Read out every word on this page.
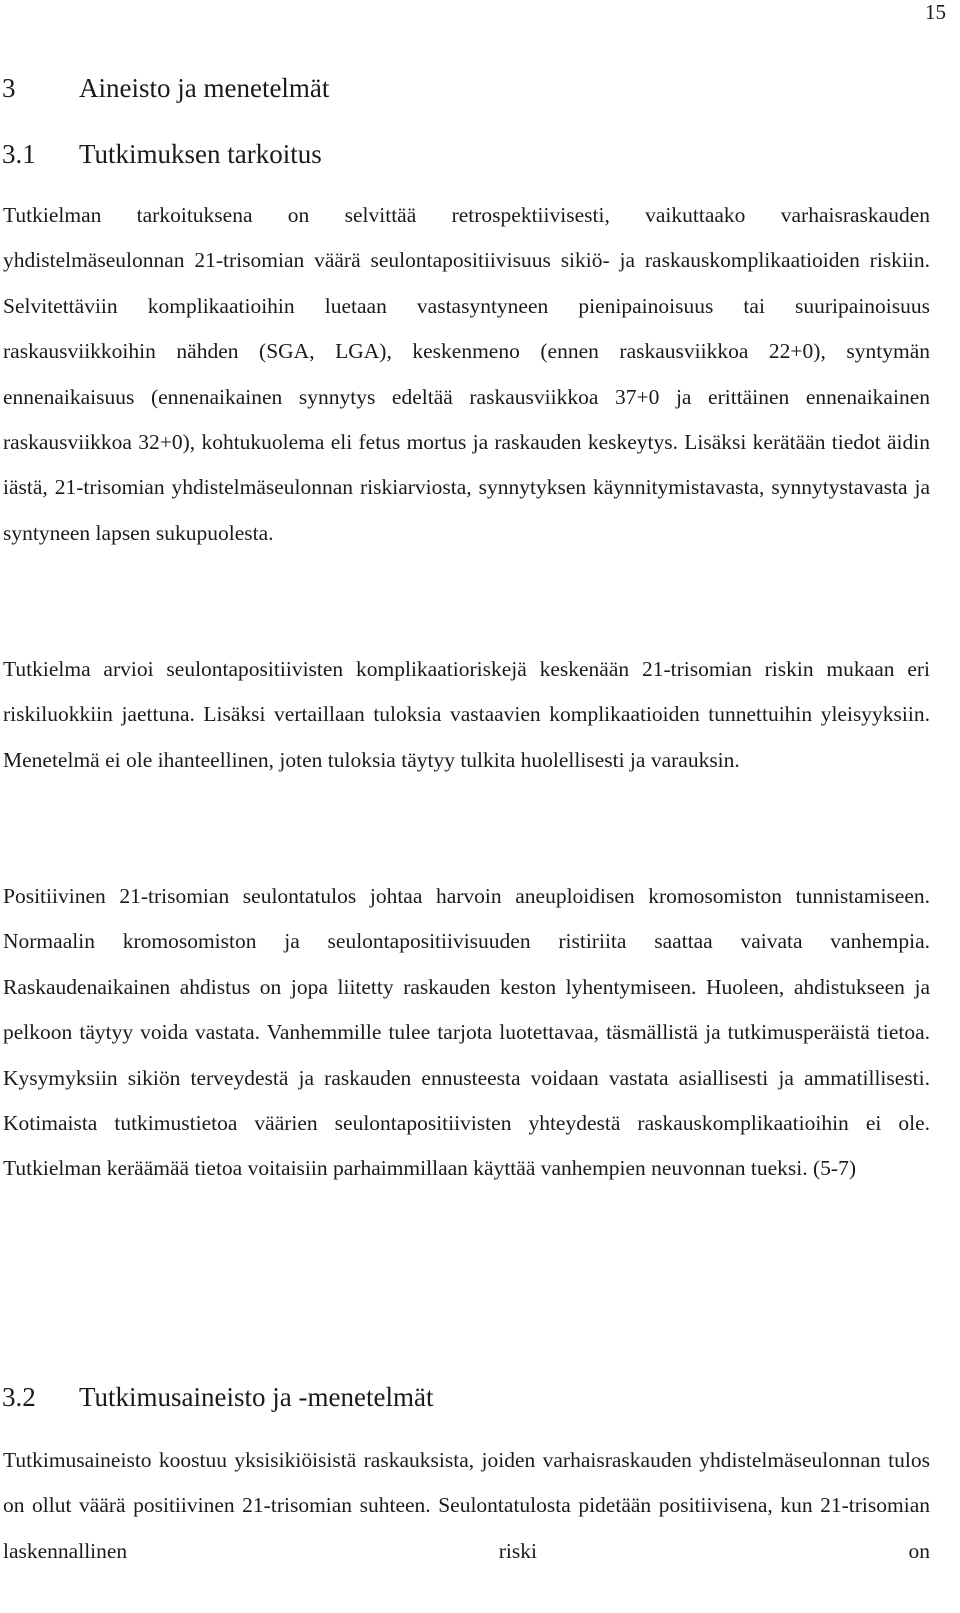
15
3 Aineisto ja menetelmät
3.1 Tutkimuksen tarkoitus

Tutkielman tarkoituksena on selvittää retrospektiivisesti, vaikuttaako varhaisraskauden yhdistelmäseulonnan 21-trisomian väärä seulontapositiivisuus sikiö- ja raskauskomplikaatioiden riskiin. Selvitettäviin komplikaatioihin luetaan vastasyntyneen pienipainoisuus tai suuripainoisuus raskausviikkoihin nähden (SGA, LGA), keskenmeno (ennen raskausviikkoa 22+0), syntymän ennenaikaisuus (ennenaikainen synnytys edeltää raskausviikkoa 37+0 ja erittäinen ennenaikainen raskausviikkoa 32+0), kohtukuolema eli fetus mortus ja raskauden keskeytys. Lisäksi kerätään tiedot äidin iästä, 21-trisomian yhdistelmäseulonnan riskiarviosta, synnytyksen käynnitymistavasta, synnytystavasta ja syntyneen lapsen sukupuolesta.

Tutkielma arvioi seulontapositiivisten komplikaatioriskejä keskenään 21-trisomian riskin mukaan eri riskiluokkiin jaettuna. Lisäksi vertaillaan tuloksia vastaavien komplikaatioiden tunnettuihin yleisyyksiin. Menetelmä ei ole ihanteellinen, joten tuloksia täytyy tulkita huolellisesti ja varauksin.

Positiivinen 21-trisomian seulontatulos johtaa harvoin aneuploidisen kromosomiston tunnistamiseen. Normaalin kromosomiston ja seulontapositiivisuuden ristiriita saattaa vaivata vanhempia. Raskaudenaikainen ahdistus on jopa liitetty raskauden keston lyhentymiseen. Huoleen, ahdistukseen ja pelkoon täytyy voida vastata. Vanhemmille tulee tarjota luotettavaa, täsmällistä ja tutkimusperäistä tietoa. Kysymyksiin sikiön terveydestä ja raskauden ennusteesta voidaan vastata asiallisesti ja ammatillisesti. Kotimaista tutkimustietoa väärien seulontapositiivisten yhteydestä raskauskomplikaatioihin ei ole. Tutkielman keräämää tietoa voitaisiin parhaimmillaan käyttää vanhempien neuvonnan tueksi. (5-7)

3.2 Tutkimusaineisto ja -menetelmät

Tutkimusaineisto koostuu yksisikiöisistä raskauksista, joiden varhaisraskauden yhdistelmäseulonnan tulos on ollut väärä positiivinen 21-trisomian suhteen. Seulontatulosta pidetään positiivisena, kun 21-trisomian laskennallinen riski on
